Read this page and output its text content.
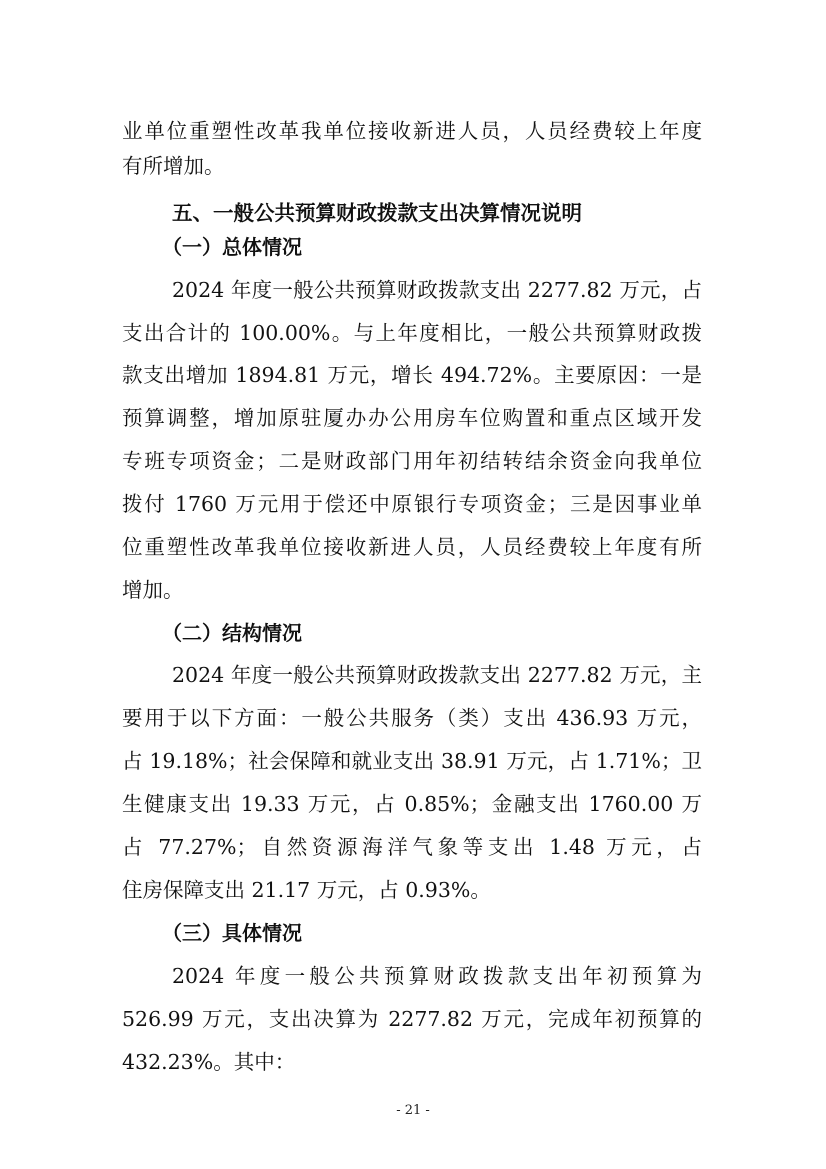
业单位重塑性改革我单位接收新进人员，人员经费较上年度
有所增加。
五、一般公共预算财政拨款支出决算情况说明
（一）总体情况
2024 年度一般公共预算财政拨款支出 2277.82 万元，占
支出合计的 100.00%。与上年度相比，一般公共预算财政拨
款支出增加 1894.81 万元，增长 494.72%。主要原因：一是
预算调整，增加原驻厦办办公用房车位购置和重点区域开发
专班专项资金；二是财政部门用年初结转结余资金向我单位
拨付 1760 万元用于偿还中原银行专项资金；三是因事业单
位重塑性改革我单位接收新进人员，人员经费较上年度有所
增加。
（二）结构情况
2024 年度一般公共预算财政拨款支出 2277.82 万元，主
要用于以下方面：一般公共服务（类）支出 436.93 万元，
占 19.18%；社会保障和就业支出 38.91 万元，占 1.71%；卫
生健康支出 19.33 万元，占 0.85%；金融支出 1760.00 万
占 77.27%；自然资源海洋气象等支出 1.48 万元，占
住房保障支出 21.17 万元，占 0.93%。
（三）具体情况
2024 年度一般公共预算财政拨款支出年初预算为
526.99 万元，支出决算为 2277.82 万元，完成年初预算的
432.23%。其中：
- 21 -
